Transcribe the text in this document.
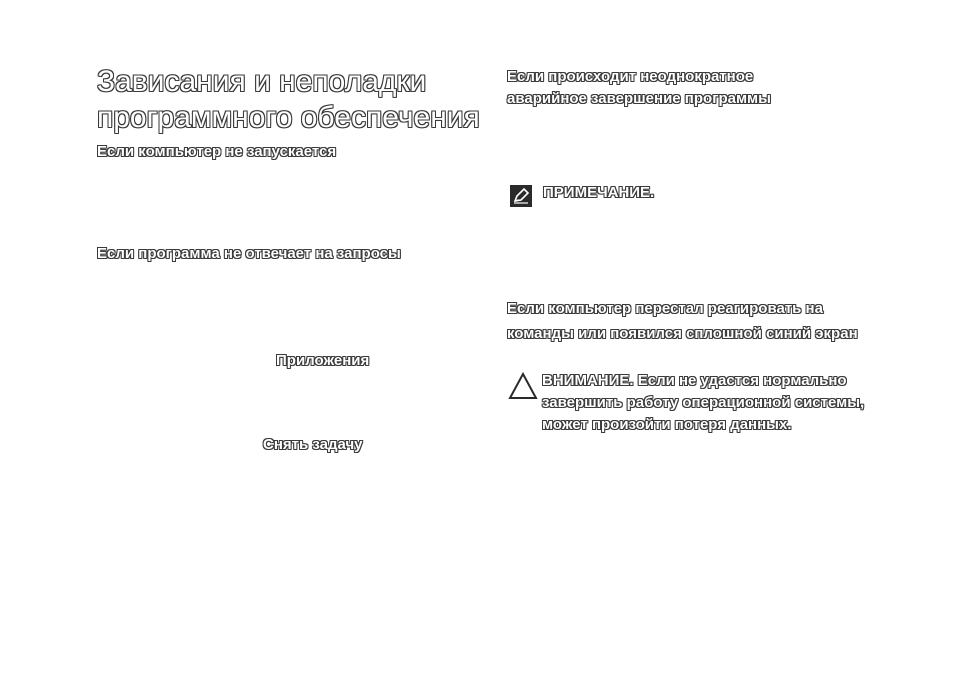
Зависания и неполадки программного обеспечения
Если компьютер не запускается
Если программа не отвечает на запросы
Приложения
Снять задачу
Если происходит неоднократное аварийное завершение программы
ПРИМЕЧАНИЕ.
Если компьютер перестал реагировать на команды или появился сплошной синий экран
ВНИМАНИЕ. Если не удастся нормально завершить работу операционной системы, может произойти потеря данных.
